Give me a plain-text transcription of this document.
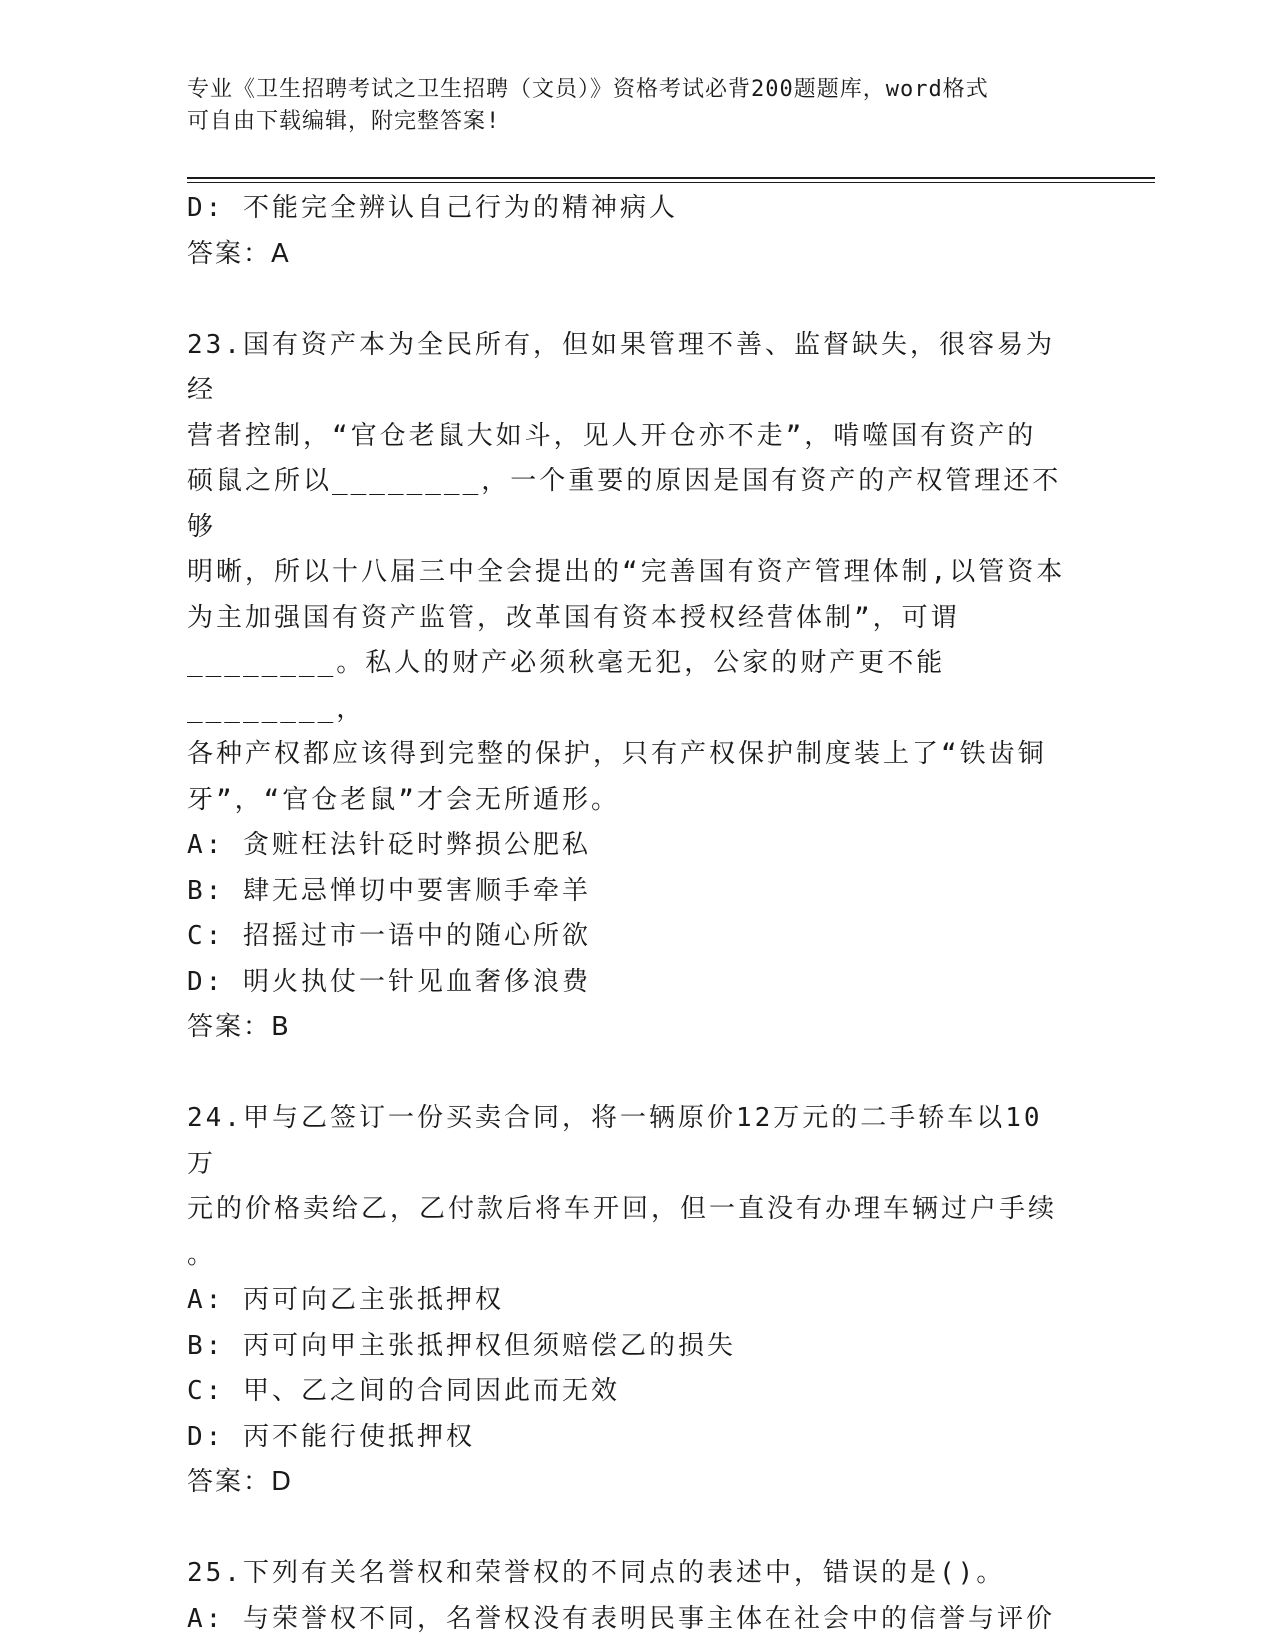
专业《卫生招聘考试之卫生招聘（文员）》资格考试必背200题题库，word格式
可自由下载编辑，附完整答案!
D: 不能完全辨认自己行为的精神病人
答案：A
23.国有资产本为全民所有，但如果管理不善、监督缺失，很容易为经
营者控制，“官仓老鼠大如斗，见人开仓亦不走”，啃噬国有资产的
硕鼠之所以________，一个重要的原因是国有资产的产权管理还不够
明晰，所以十八届三中全会提出的“完善国有资产管理体制,以管资本
为主加强国有资产监管，改革国有资本授权经营体制”，可谓
________。私人的财产必须秋毫无犯，公家的财产更不能________，
各种产权都应该得到完整的保护，只有产权保护制度装上了“铁齿铜
牙”，“官仓老鼠”才会无所遁形。
A: 贪赃枉法针砭时弊损公肥私
B: 肆无忌惮切中要害顺手牵羊
C: 招摇过市一语中的随心所欲
D: 明火执仗一针见血奢侈浪费
答案：B
24.甲与乙签订一份买卖合同，将一辆原价12万元的二手轿车以10万
元的价格卖给乙，乙付款后将车开回，但一直没有办理车辆过户手续
。
A: 丙可向乙主张抵押权
B: 丙可向甲主张抵押权但须赔偿乙的损失
C: 甲、乙之间的合同因此而无效
D: 丙不能行使抵押权
答案：D
25.下列有关名誉权和荣誉权的不同点的表述中，错误的是()。
A: 与荣誉权不同，名誉权没有表明民事主体在社会中的信誉与评价
